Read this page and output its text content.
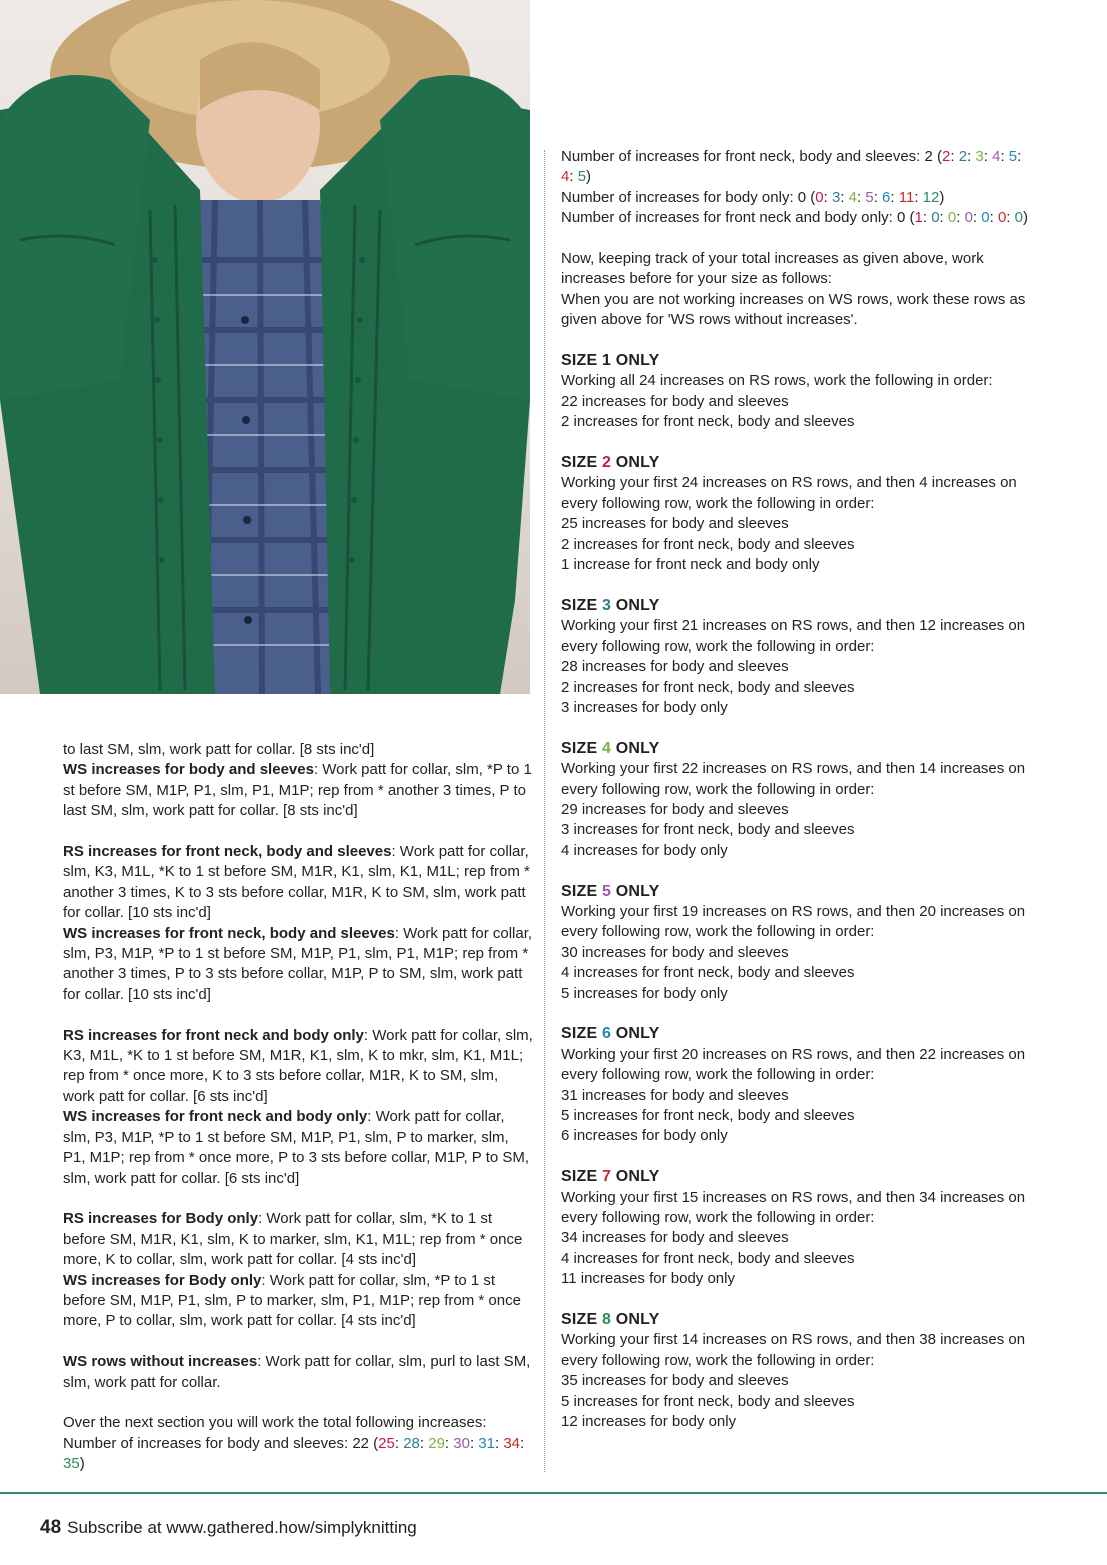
to last SM, slm, work patt for collar. [8 sts inc'd]

WS increases for body and sleeves: Work patt for collar, slm, *P to 1 st before SM, M1P, P1, slm, P1, M1P; rep from * another 3 times, P to last SM, slm, work patt for collar. [8 sts inc'd]

RS increases for front neck, body and sleeves: Work patt for collar, slm, K3, M1L, *K to 1 st before SM, M1R, K1, slm, K1, M1L; rep from * another 3 times, K to 3 sts before collar, M1R, K to SM, slm, work patt for collar. [10 sts inc'd]

WS increases for front neck, body and sleeves: Work patt for collar, slm, P3, M1P, *P to 1 st before SM, M1P, P1, slm, P1, M1P; rep from * another 3 times, P to 3 sts before collar, M1P, P to SM, slm, work patt for collar. [10 sts inc'd]

RS increases for front neck and body only: Work patt for collar, slm, K3, M1L, *K to 1 st before SM, M1R, K1, slm, K to mkr, slm, K1, M1L; rep from * once more, K to 3 sts before collar, M1R, K to SM, slm, work patt for collar. [6 sts inc'd]

WS increases for front neck and body only: Work patt for collar, slm, P3, M1P, *P to 1 st before SM, M1P, P1, slm, P to marker, slm, P1, M1P; rep from * once more, P to 3 sts before collar, M1P, P to SM, slm, work patt for collar. [6 sts inc'd]

RS increases for Body only: Work patt for collar, slm, *K to 1 st before SM, M1R, K1, slm, K to marker, slm, K1, M1L; rep from * once more, K to collar, slm, work patt for collar. [4 sts inc'd]

WS increases for Body only: Work patt for collar, slm, *P to 1 st before SM, M1P, P1, slm, P to marker, slm, P1, M1P; rep from * once more, P to collar, slm, work patt for collar. [4 sts inc'd]

WS rows without increases: Work patt for collar, slm, purl to last SM, slm, work patt for collar.

Over the next section you will work the total following increases:

Number of increases for body and sleeves: 22 (25: 28: 29: 30: 31: 34: 35)

Number of increases for front neck, body and sleeves: 2 (2: 2: 3: 4: 5: 4: 5)

Number of increases for body only: 0 (0: 3: 4: 5: 6: 11: 12)

Number of increases for front neck and body only: 0 (1: 0: 0: 0: 0: 0: 0)

Now, keeping track of your total increases as given above, work increases before for your size as follows:

When you are not working increases on WS rows, work these rows as given above for 'WS rows without increases'.

SIZE 1 ONLY

Working all 24 increases on RS rows, work the following in order:

22 increases for body and sleeves

2 increases for front neck, body and sleeves

SIZE 2 ONLY

Working your first 24 increases on RS rows, and then 4 increases on every following row, work the following in order:

25 increases for body and sleeves

2 increases for front neck, body and sleeves

1 increase for front neck and body only

SIZE 3 ONLY

Working your first 21 increases on RS rows, and then 12 increases on every following row, work the following in order:

28 increases for body and sleeves

2 increases for front neck, body and sleeves

3 increases for body only

SIZE 4 ONLY

Working your first 22 increases on RS rows, and then 14 increases on every following row, work the following in order:

29 increases for body and sleeves

3 increases for front neck, body and sleeves

4 increases for body only

SIZE 5 ONLY

Working your first 19 increases on RS rows, and then 20 increases on every following row, work the following in order:

30 increases for body and sleeves

4 increases for front neck, body and sleeves

5 increases for body only

SIZE 6 ONLY

Working your first 20 increases on RS rows, and then 22 increases on every following row, work the following in order:

31 increases for body and sleeves

5 increases for front neck, body and sleeves

6 increases for body only

SIZE 7 ONLY

Working your first 15 increases on RS rows, and then 34 increases on every following row, work the following in order:

34 increases for body and sleeves

4 increases for front neck, body and sleeves

11 increases for body only

SIZE 8 ONLY

Working your first 14 increases on RS rows, and then 38 increases on every following row, work the following in order:

35 increases for body and sleeves

5 increases for front neck, body and sleeves

12 increases for body only

48 Subscribe at www.gathered.how/simplyknitting
